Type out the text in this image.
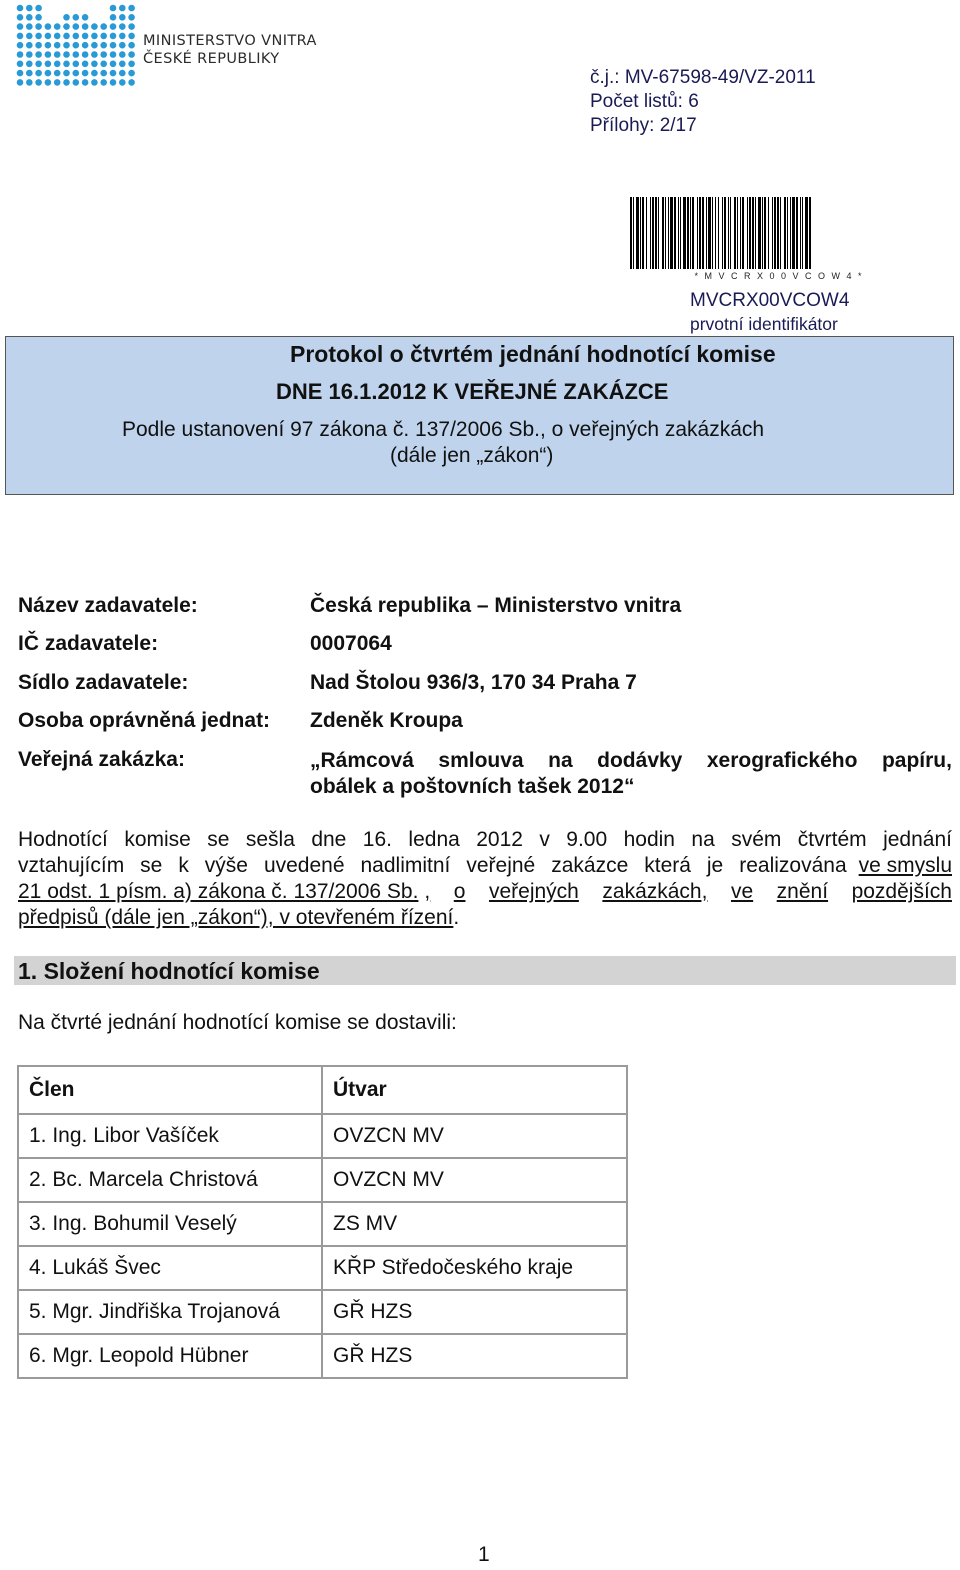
MINISTERSTVO VNITRA
ČESKÉ REPUBLIKY
č.j.: MV-67598-49/VZ-2011
Počet listů: 6
Přílohy: 2/17
* M V C R X 0 0 V C O W 4 *
MVCRX00VCOW4
prvotní identifikátor
Protokol o čtvrtém jednání hodnotící komise
DNE 16.1.2012 K VEŘEJNÉ ZAKÁZCE
Podle ustanovení 97 zákona č. 137/2006 Sb., o veřejných zakázkách
(dále jen „zákon“)
Název zadavatele:	Česká republika – Ministerstvo vnitra
IČ zadavatele:	0007064
Sídlo zadavatele:	Nad Štolou 936/3, 170 34 Praha 7
Osoba oprávněná jednat: Zdeněk Kroupa
Veřejná zakázka:	„Rámcová smlouva na dodávky xerografického papíru,
obálek a poštovních tašek 2012“
Hodnotící komise se sešla dne 16. ledna 2012 v 9.00 hodin na svém čtvrtém jednání
vztahujícím se k výše uvedené nadlimitní veřejné zakázce která je realizována ve smyslu
21 odst. 1 písm. a) zákona č. 137/2006 Sb. , o veřejných zakázkách, ve znění pozdějších
předpisů (dále jen „zákon“), v otevřeném řízení.
1. Složení hodnotící komise
Na čtvrté jednání hodnotící komise se dostavili:
Člen	Útvar
1. Ing. Libor Vašíček	OVZCN MV
2. Bc. Marcela Christová	OVZCN MV
3. Ing. Bohumil Veselý	ZS MV
4. Lukáš Švec	KŘP Středočeského kraje
5. Mgr. Jindřiška Trojanová	GŘ HZS
6. Mgr. Leopold Hübner	GŘ HZS
1
